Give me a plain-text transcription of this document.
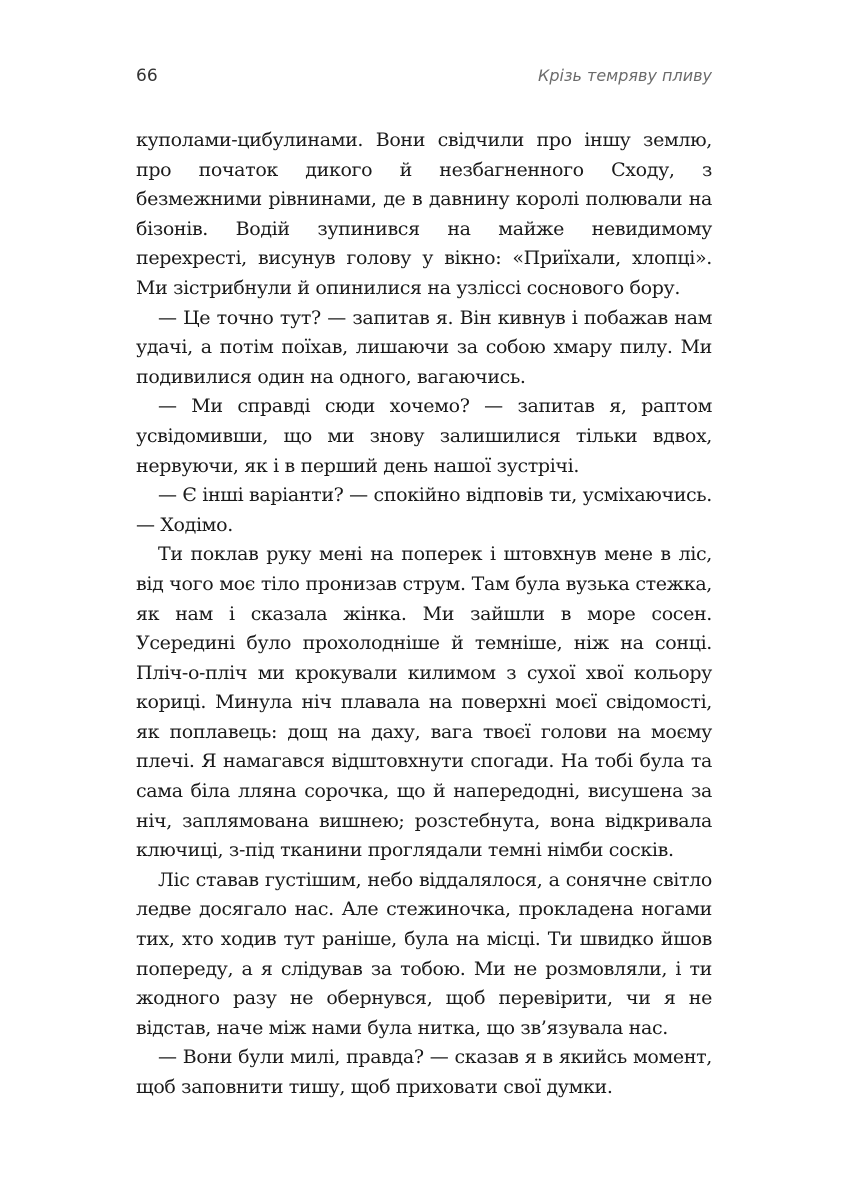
66	Крізь темряву пливу

куполами-цибулинами. Вони свідчили про іншу землю, про початок дикого й незбагненного Сходу, з безмежними рівнинами, де в давнину королі полювали на бізонів. Водій зупинився на майже невидимому перехресті, висунув голову у вікно: «Приїхали, хлопці». Ми зістрибнули й опинилися на узліссі соснового бору.

— Це точно тут? — запитав я. Він кивнув і побажав нам удачі, а потім поїхав, лишаючи за собою хмару пилу. Ми подивилися один на одного, вагаючись.

— Ми справді сюди хочемо? — запитав я, раптом усвідомивши, що ми знову залишилися тільки вдвох, нервуючи, як і в перший день нашої зустрічі.

— Є інші варіанти? — спокійно відповів ти, усміхаючись. — Ходімо.

Ти поклав руку мені на поперек і штовхнув мене в ліс, від чого моє тіло пронизав струм. Там була вузька стежка, як нам і сказала жінка. Ми зайшли в море сосен. Усередині було прохолодніше й темніше, ніж на сонці. Пліч-о-пліч ми крокували килимом з сухої хвої кольору кориці. Минула ніч плавала на поверхні моєї свідомості, як поплавець: дощ на даху, вага твоєї голови на моєму плечі. Я намагався відштовхнути спогади. На тобі була та сама біла лляна сорочка, що й напередодні, висушена за ніч, заплямована вишнею; розстебнута, вона відкривала ключиці, з-під тканини проглядали темні німби сосків.

Ліс ставав густішим, небо віддалялося, а сонячне світло ледве досягало нас. Але стежиночка, прокладена ногами тих, хто ходив тут раніше, була на місці. Ти швидко йшов попереду, а я слідував за тобою. Ми не розмовляли, і ти жодного разу не обернувся, щоб перевірити, чи я не відстав, наче між нами була нитка, що зв’язувала нас.

— Вони були милі, правда? — сказав я в якийсь момент, щоб заповнити тишу, щоб приховати свої думки.
